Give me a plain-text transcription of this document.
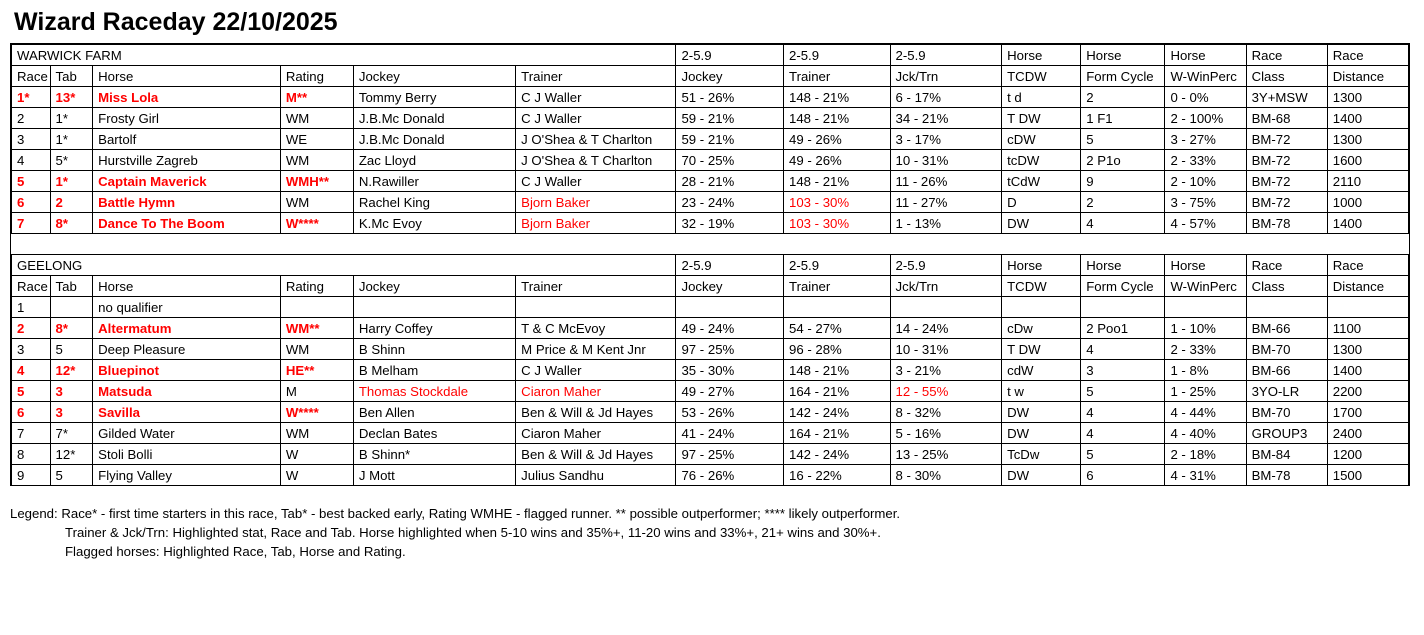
Wizard Raceday 22/10/2025
WARWICK FARM						2-5.9	2-5.9	2-5.9	Horse	Horse	Horse	Race	Race
Race	Tab	Horse	Rating	Jockey	Trainer	Jockey	Trainer	Jck/Trn	TCDW	Form Cycle	W-WinPerc	Class	Distance
1*	13*	Miss Lola	M**	Tommy Berry	C J Waller	51 - 26%	148 - 21%	6 - 17%	t d	2	0 - 0%	3Y+MSW	1300
2	1*	Frosty Girl	WM	J.B.Mc Donald	C J Waller	59 - 21%	148 - 21%	34 - 21%	T DW	1 F1	2 - 100%	BM-68	1400
3	1*	Bartolf	WE	J.B.Mc Donald	J O'Shea & T Charlton	59 - 21%	49 - 26%	3 - 17%	cDW	5	3 - 27%	BM-72	1300
4	5*	Hurstville Zagreb	WM	Zac Lloyd	J O'Shea & T Charlton	70 - 25%	49 - 26%	10 - 31%	tcDW	2 P1o	2 - 33%	BM-72	1600
5	1*	Captain Maverick	WMH**	N.Rawiller	C J Waller	28 - 21%	148 - 21%	11 - 26%	tCdW	9	2 - 10%	BM-72	2110
6	2	Battle Hymn	WM	Rachel King	Bjorn Baker	23 - 24%	103 - 30%	11 - 27%	D	2	3 - 75%	BM-72	1000
7	8*	Dance To The Boom	W****	K.Mc Evoy	Bjorn Baker	32 - 19%	103 - 30%	1 - 13%	DW	4	4 - 57%	BM-78	1400

GEELONG						2-5.9	2-5.9	2-5.9	Horse	Horse	Horse	Race	Race
Race	Tab	Horse	Rating	Jockey	Trainer	Jockey	Trainer	Jck/Trn	TCDW	Form Cycle	W-WinPerc	Class	Distance
1		no qualifier											
2	8*	Altermatum	WM**	Harry Coffey	T & C McEvoy	49 - 24%	54 - 27%	14 - 24%	cDw	2 Poo1	1 - 10%	BM-66	1100
3	5	Deep Pleasure	WM	B Shinn	M Price & M Kent Jnr	97 - 25%	96 - 28%	10 - 31%	T DW	4	2 - 33%	BM-70	1300
4	12*	Bluepinot	HE**	B Melham	C J Waller	35 - 30%	148 - 21%	3 - 21%	cdW	3	1 - 8%	BM-66	1400
5	3	Matsuda	M	Thomas Stockdale	Ciaron Maher	49 - 27%	164 - 21%	12 - 55%	t w	5	1 - 25%	3YO-LR	2200
6	3	Savilla	W****	Ben Allen	Ben & Will & Jd Hayes	53 - 26%	142 - 24%	8 - 32%	DW	4	4 - 44%	BM-70	1700
7	7*	Gilded Water	WM	Declan Bates	Ciaron Maher	41 - 24%	164 - 21%	5 - 16%	DW	4	4 - 40%	GROUP3	2400
8	12*	Stoli Bolli	W	B Shinn*	Ben & Will & Jd Hayes	97 - 25%	142 - 24%	13 - 25%	TcDw	5	2 - 18%	BM-84	1200
9	5	Flying Valley	W	J Mott	Julius Sandhu	76 - 26%	16 - 22%	8 - 30%	DW	6	4 - 31%	BM-78	1500
Legend: Race* - first time starters in this race, Tab* - best backed early, Rating WMHE - flagged runner. ** possible outperformer; **** likely outperformer.
Trainer & Jck/Trn: Highlighted stat, Race and Tab. Horse highlighted when 5-10 wins and 35%+, 11-20 wins and 33%+, 21+ wins and 30%+.
Flagged horses: Highlighted Race, Tab, Horse and Rating.
